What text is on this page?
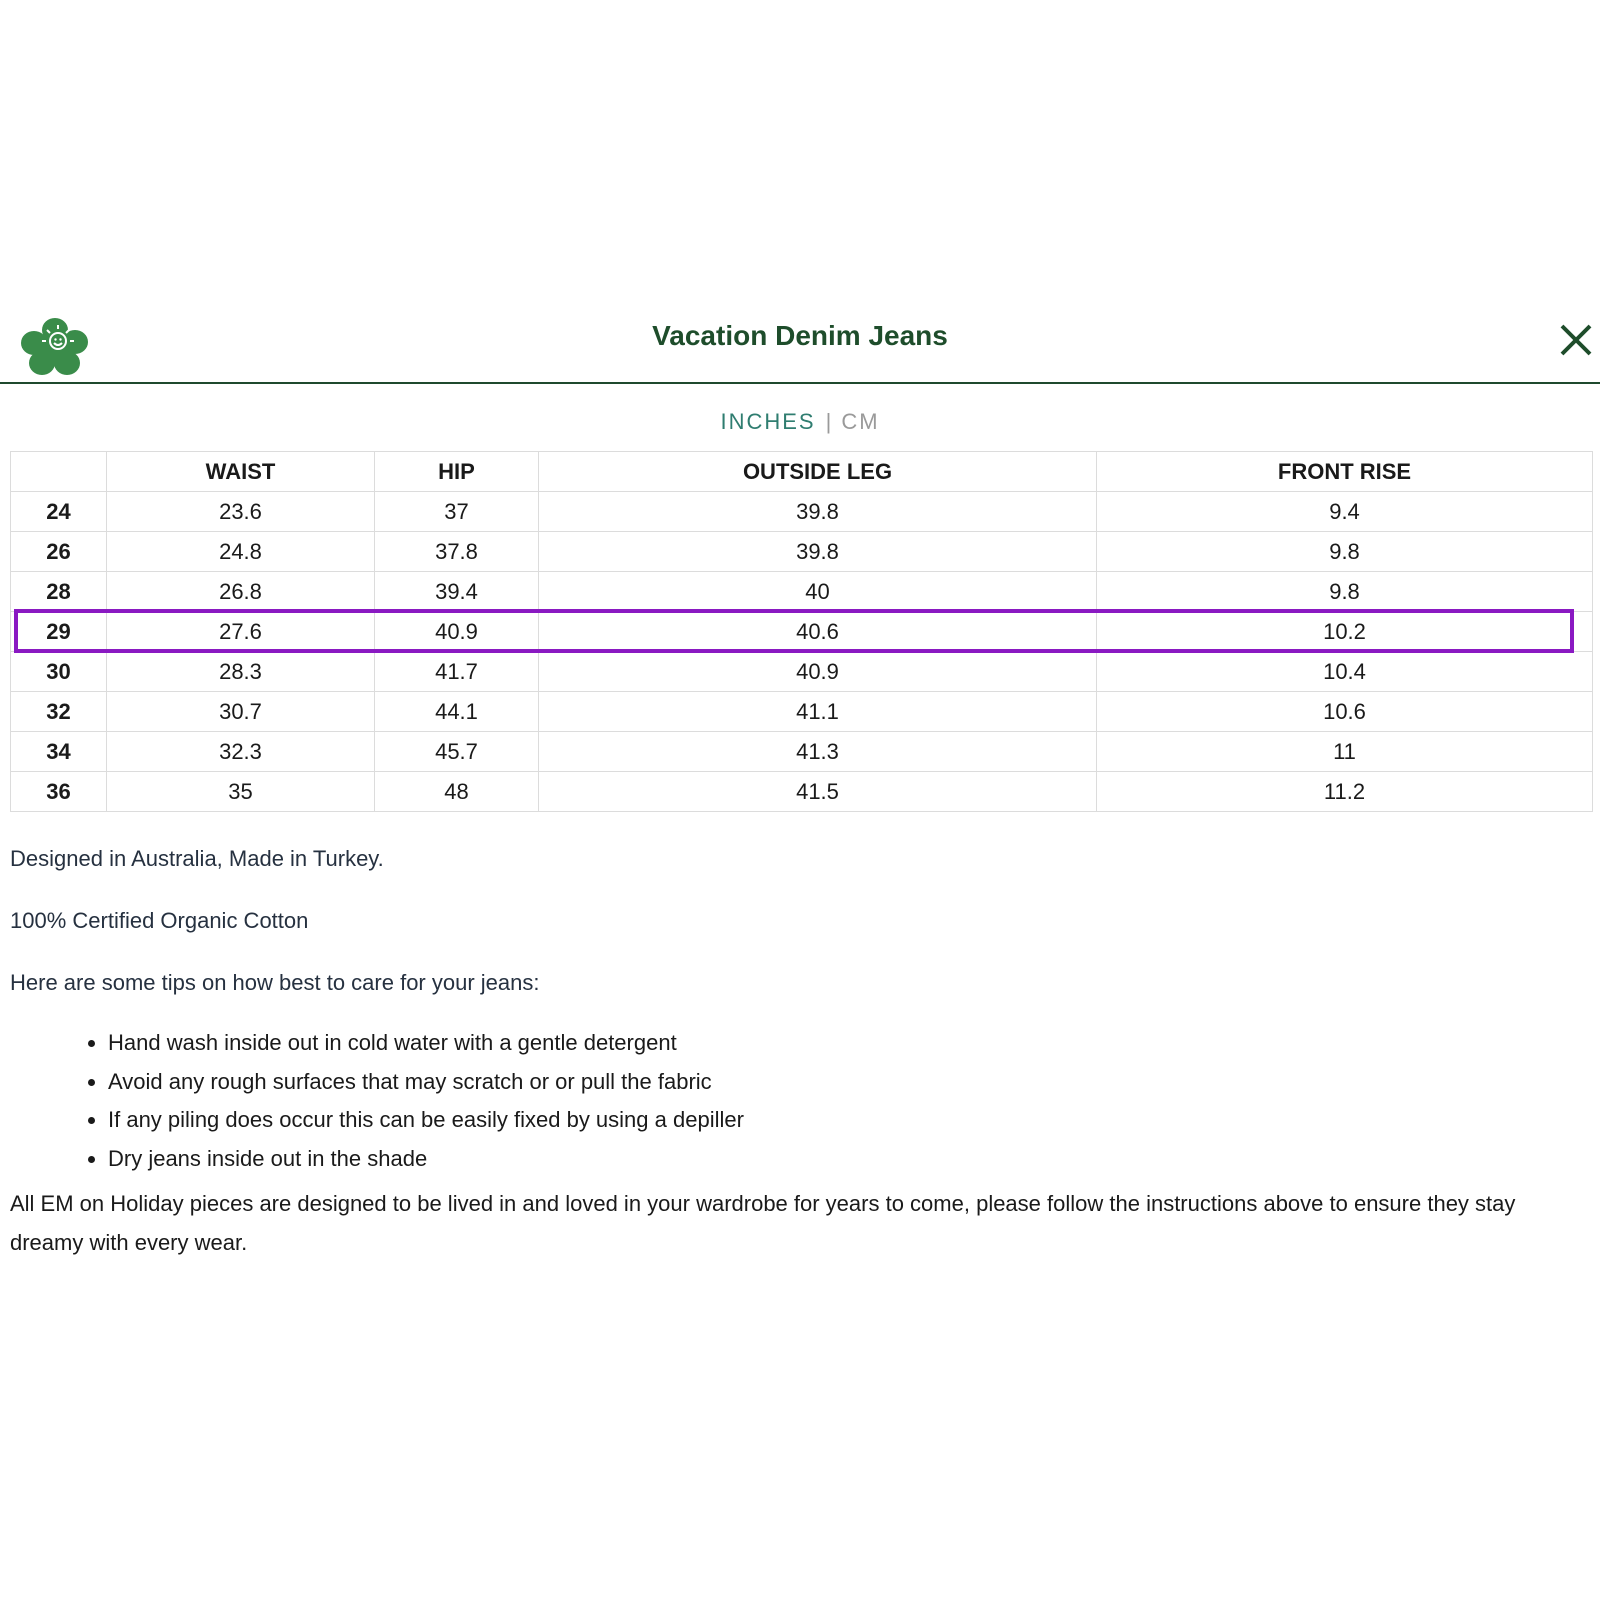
Vacation Denim Jeans
INCHES | CM
	WAIST	HIP	OUTSIDE LEG	FRONT RISE
24	23.6	37	39.8	9.4
26	24.8	37.8	39.8	9.8
28	26.8	39.4	40	9.8
29	27.6	40.9	40.6	10.2
30	28.3	41.7	40.9	10.4
32	30.7	44.1	41.1	10.6
34	32.3	45.7	41.3	11
36	35	48	41.5	11.2
Designed in Australia, Made in Turkey.
100% Certified Organic Cotton
Here are some tips on how best to care for your jeans:
• Hand wash inside out in cold water with a gentle detergent
• Avoid any rough surfaces that may scratch or or pull the fabric
• If any piling does occur this can be easily fixed by using a depiller
• Dry jeans inside out in the shade
All EM on Holiday pieces are designed to be lived in and loved in your wardrobe for years to come, please follow the instructions above to ensure they stay dreamy with every wear.
